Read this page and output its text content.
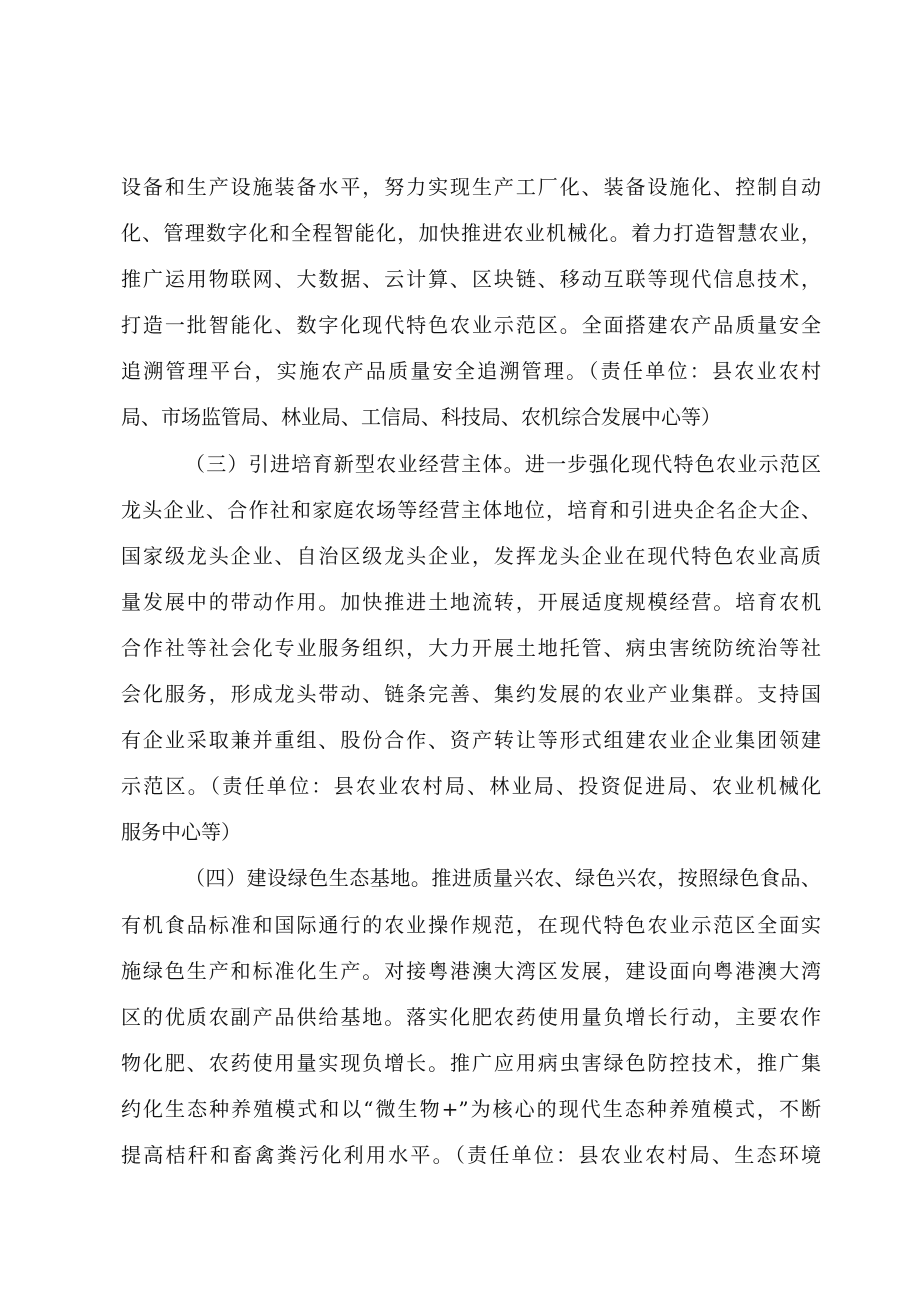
设备和生产设施装备水平，努力实现生产工厂化、装备设施化、控制自动
化、管理数字化和全程智能化，加快推进农业机械化。着力打造智慧农业，
推广运用物联网、大数据、云计算、区块链、移动互联等现代信息技术，
打造一批智能化、数字化现代特色农业示范区。全面搭建农产品质量安全
追溯管理平台，实施农产品质量安全追溯管理。（责任单位：县农业农村
局、市场监管局、林业局、工信局、科技局、农机综合发展中心等）
（三）引进培育新型农业经营主体。进一步强化现代特色农业示范区
龙头企业、合作社和家庭农场等经营主体地位，培育和引进央企名企大企、
国家级龙头企业、自治区级龙头企业，发挥龙头企业在现代特色农业高质
量发展中的带动作用。加快推进土地流转，开展适度规模经营。培育农机
合作社等社会化专业服务组织，大力开展土地托管、病虫害统防统治等社
会化服务，形成龙头带动、链条完善、集约发展的农业产业集群。支持国
有企业采取兼并重组、股份合作、资产转让等形式组建农业企业集团领建
示范区。（责任单位：县农业农村局、林业局、投资促进局、农业机械化
服务中心等）
（四）建设绿色生态基地。推进质量兴农、绿色兴农，按照绿色食品、
有机食品标准和国际通行的农业操作规范，在现代特色农业示范区全面实
施绿色生产和标准化生产。对接粤港澳大湾区发展，建设面向粤港澳大湾
区的优质农副产品供给基地。落实化肥农药使用量负增长行动，主要农作
物化肥、农药使用量实现负增长。推广应用病虫害绿色防控技术，推广集
约化生态种养殖模式和以“微生物+”为核心的现代生态种养殖模式，不断
提高桔秆和畜禽粪污化利用水平。（责任单位：县农业农村局、生态环境
